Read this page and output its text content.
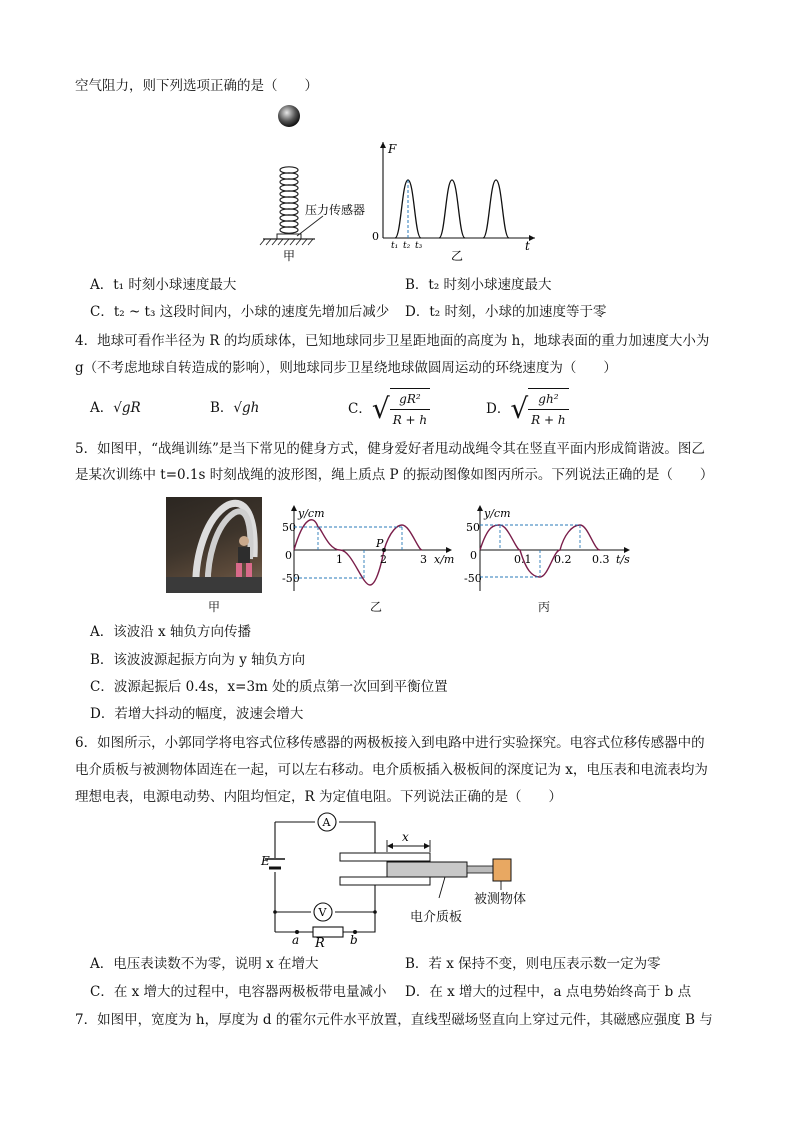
空气阻力，则下列选项正确的是（　　）
压力传感器
甲
F
t
0
t₁ t₂ t₃
乙
A．t₁ 时刻小球速度最大	B．t₂ 时刻小球速度最大
C．t₂ ~ t₃ 这段时间内，小球的速度先增加后减少 D．t₂ 时刻，小球的加速度等于零
4．地球可看作半径为 R 的均质球体，已知地球同步卫星距地面的高度为 h，地球表面的重力加速度大小为
g（不考虑地球自转造成的影响），则地球同步卫星绕地球做圆周运动的环绕速度为（　　）
A．√gR	B．√gh	C．√ $\frac{\text{gR²}}{R + h}$	D．√ $\frac{\text{gh²}}{R + h}$
5．如图甲，“战绳训练”是当下常见的健身方式，健身爱好者甩动战绳令其在竖直平面内形成简谐波。图乙
是某次训练中 t=0.1s 时刻战绳的波形图，绳上质点 P 的振动图像如图丙所示。下列说法正确的是（　　）
甲
y/cm
50
-50
0
P
1	2	3 x/m
乙
y/cm
50
-50
0	0.1 0.2 0.3 t/s
丙
A．该波沿 x 轴负方向传播
B．该波波源起振方向为 y 轴负方向
C．波源起振后 0.4s，x=3m 处的质点第一次回到平衡位置
D．若增大抖动的幅度，波速会增大
6．如图所示，小郭同学将电容式位移传感器的两极板接入到电路中进行实验探究。电容式位移传感器中的
电介质板与被测物体固连在一起，可以左右移动。电介质板插入极板间的深度记为 x，电压表和电流表均为
理想电表，电源电动势、内阻均恒定，R 为定值电阻。下列说法正确的是（　　）
E
A
V
a	b
R
x
电介质板
被测物体
A．电压表读数不为零，说明 x 在增大	B．若 x 保持不变，则电压表示数一定为零
C．在 x 增大的过程中，电容器两极板带电量减小 D．在 x 增大的过程中，a 点电势始终高于 b 点
7．如图甲，宽度为 h，厚度为 d 的霍尔元件水平放置，直线型磁场竖直向上穿过元件，其磁感应强度 B 与
